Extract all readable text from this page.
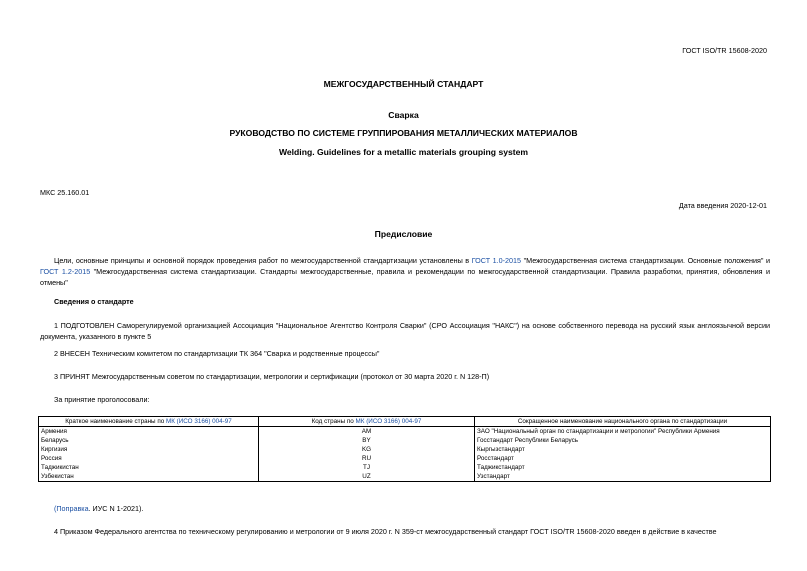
ГОСТ ISO/TR 15608-2020
МЕЖГОСУДАРСТВЕННЫЙ СТАНДАРТ
Сварка
РУКОВОДСТВО ПО СИСТЕМЕ ГРУППИРОВАНИЯ МЕТАЛЛИЧЕСКИХ МАТЕРИАЛОВ
Welding. Guidelines for a metallic materials grouping system
МКС 25.160.01
Дата введения 2020-12-01
Предисловие
Цели, основные принципы и основной порядок проведения работ по межгосударственной стандартизации установлены в ГОСТ 1.0-2015 "Межгосударственная система стандартизации. Основные положения" и ГОСТ 1.2-2015 "Межгосударственная система стандартизации. Стандарты межгосударственные, правила и рекомендации по межгосударственной стандартизации. Правила разработки, принятия, обновления и отмены"
Сведения о стандарте
1 ПОДГОТОВЛЕН Саморегулируемой организацией Ассоциация "Национальное Агентство Контроля Сварки" (СРО Ассоциация "НАКС") на основе собственного перевода на русский язык англоязычной версии документа, указанного в пункте 5
2 ВНЕСЕН Техническим комитетом по стандартизации ТК 364 "Сварка и родственные процессы"
3 ПРИНЯТ Межгосударственным советом по стандартизации, метрологии и сертификации (протокол от 30 марта 2020 г. N 128-П)
За принятие проголосовали:
Краткое наименование страны по МК (ИСО 3166) 004-97	Код страны по МК (ИСО 3166) 004-97	Сокращенное наименование национального органа по стандартизации
Армения	AM	ЗАО "Национальный орган по стандартизации и метрологии" Республики Армения
Беларусь	BY	Госстандарт Республики Беларусь
Киргизия	KG	Кыргызстандарт
Россия	RU	Росстандарт
Таджикистан	TJ	Таджикстандарт
Узбекистан	UZ	Узстандарт
(Поправка. ИУС N 1-2021).
4 Приказом Федерального агентства по техническому регулированию и метрологии от 9 июля 2020 г. N 359-ст межгосударственный стандарт ГОСТ ISO/TR 15608-2020 введен в действие в качестве
